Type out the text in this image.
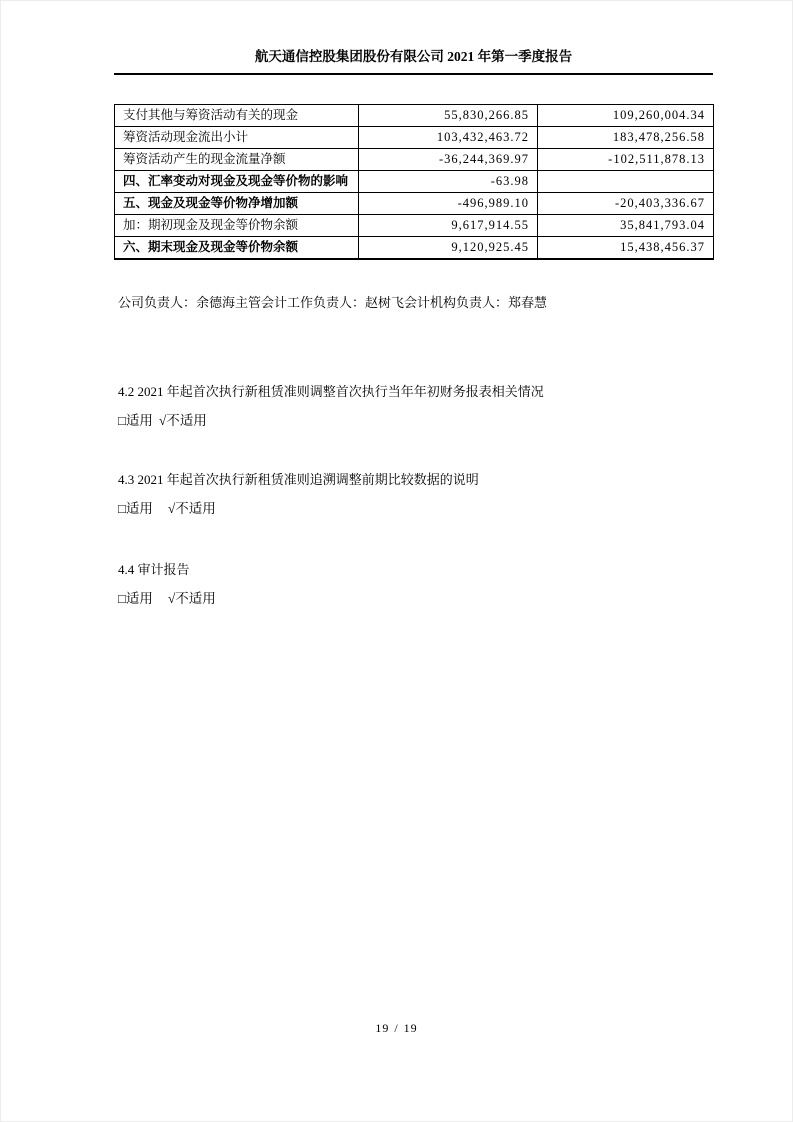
航天通信控股集团股份有限公司 2021 年第一季度报告
支付其他与筹资活动有关的现金	55,830,266.85	109,260,004.34
筹资活动现金流出小计	103,432,463.72	183,478,256.58
筹资活动产生的现金流量净额	-36,244,369.97	-102,511,878.13
四、汇率变动对现金及现金等价物的影响	-63.98	
五、现金及现金等价物净增加额	-496,989.10	-20,403,336.67
加：期初现金及现金等价物余额	9,617,914.55	35,841,793.04
六、期末现金及现金等价物余额	9,120,925.45	15,438,456.37

公司负责人：余德海主管会计工作负责人：赵树飞会计机构负责人：郑春慧

4.2 2021 年起首次执行新租赁准则调整首次执行当年年初财务报表相关情况
□适用 √不适用
4.3 2021 年起首次执行新租赁准则追溯调整前期比较数据的说明
□适用 √不适用
4.4 审计报告
□适用 √不适用
19 / 19
